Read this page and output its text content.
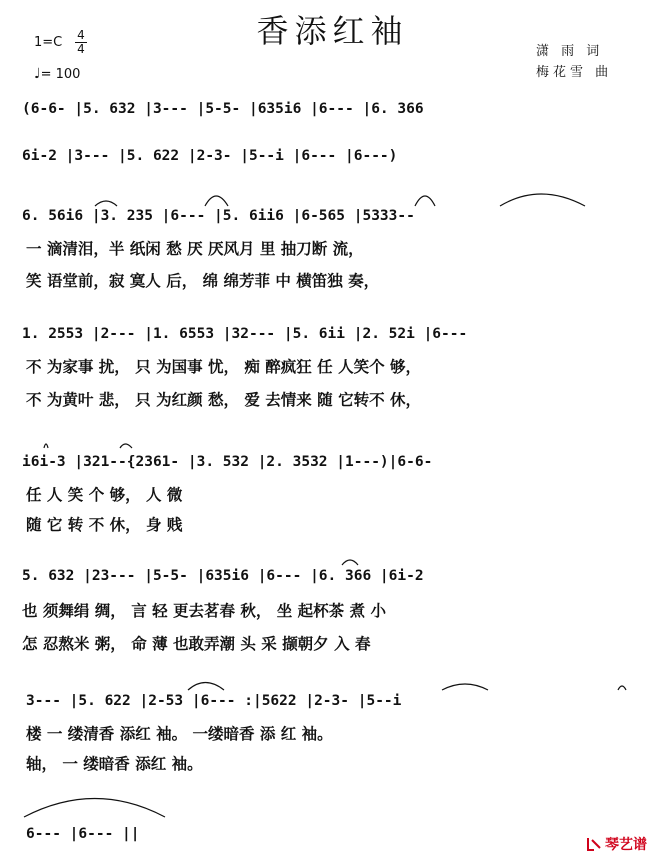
香添红袖
1=C 4
4
♩= 100
潇 雨 词
梅花雪 曲
(6-6- |5. 632 |3--- |5-5- |635i6 |6--- |6. 366
6i-2 |3--- |5. 622 |2-3- |5--i |6--- |6---)
6. 56i6 |3. 235 |6--- |5. 6ii6 |6-565 |5333--
一 滴清泪，半 纸闲 愁 厌 厌风月 里 抽刀断 流，
笑 语堂前，寂 寞人 后， 绵 绵芳菲 中 横笛独 奏，
1. 2553 |2--- |1. 6553 |32--- |5. 6ii |2. 52i |6---
不 为家事 扰， 只 为国事 忧， 痴 醉疯狂 任 人笑个 够，
不 为黄叶 悲， 只 为红颜 愁， 爱 去情来 随 它转不 休，
i6i-3 |321--{2361- |3. 532 |2. 3532 |1---)|6-6-
任 人 笑 个 够， 人 微
随 它 转 不 休， 身 贱
5. 632 |23--- |5-5- |635i6 |6--- |6. 366 |6i-2
也 须舞绢 绸， 言 轻 更去茗春 秋， 坐 起杯茶 煮 小
怎 忍熬米 粥， 命 薄 也敢弄潮 头 采 撷朝夕 入 春
3--- |5. 622 |2-53 |6--- :|5622 |2-3- |5--i
楼 一 缕清香 添红 袖。 一缕暗香 添 红 袖。
轴， 一 缕暗香 添红 袖。
6--- |6--- ||
琴艺谱
